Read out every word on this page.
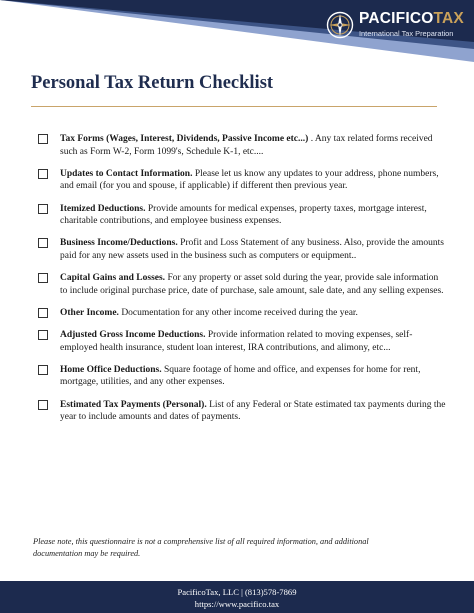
PACIFICOTAX
International Tax Preparation
Personal Tax Return Checklist
Tax Forms (Wages, Interest, Dividends, Passive Income etc...) . Any tax related forms received such as Form W-2, Form 1099's, Schedule K-1, etc....
Updates to Contact Information. Please let us know any updates to your address, phone numbers, and email (for you and spouse, if applicable) if different then previous year.
Itemized Deductions. Provide amounts for medical expenses, property taxes, mortgage interest, charitable contributions, and employee business expenses.
Business Income/Deductions. Profit and Loss Statement of any business. Also, provide the amounts paid for any new assets used in the business such as computers or equipment..
Capital Gains and Losses. For any property or asset sold during the year, provide sale information to include original purchase price, date of purchase, sale amount, sale date, and any selling expenses.
Other Income. Documentation for any other income received during the year.
Adjusted Gross Income Deductions. Provide information related to moving expenses, self-employed health insurance, student loan interest, IRA contributions, and alimony, etc...
Home Office Deductions. Square footage of home and office, and expenses for home for rent, mortgage, utilities, and any other expenses.
Estimated Tax Payments (Personal). List of any Federal or State estimated tax payments during the year to include amounts and dates of payments.
Please note, this questionnaire is not a comprehensive list of all required information, and additional documentation may be required.
PacificoTax, LLC | (813)578-7869
https://www.pacifico.tax
